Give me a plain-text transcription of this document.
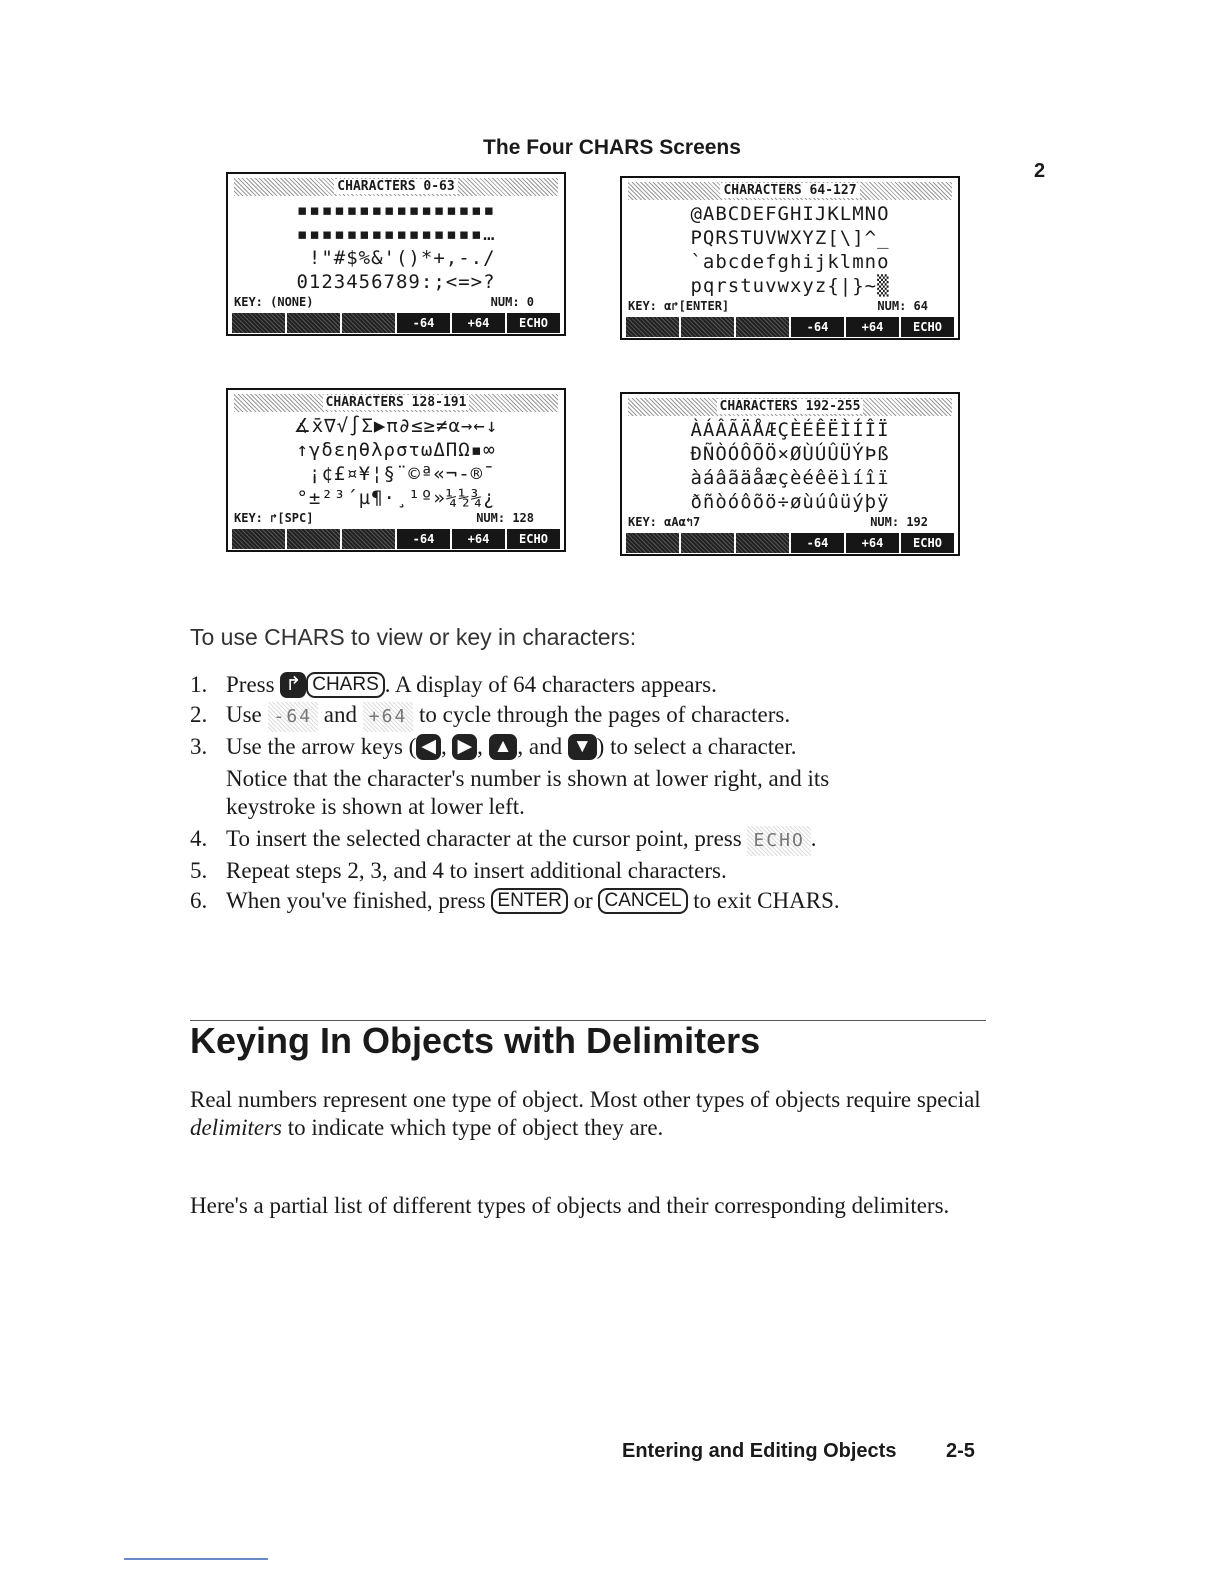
The Four CHARS Screens
2
CHARACTERS 0-63
▪▪▪▪▪▪▪▪▪▪▪▪▪▪▪▪
▪▪▪▪▪▪▪▪▪▪▪▪▪▪▪…
!"#$%&'()*+,-./
0123456789:;<=>?
KEY: (NONE)	NUM: 0
-64	+64	ECHO
CHARACTERS 64-127
@ABCDEFGHIJKLMNO
PQRSTUVWXYZ[\]^_
`abcdefghijklmno
pqrstuvwxyz{|}~▒
KEY: α↱[ENTER]	NUM: 64
-64	+64	ECHO
CHARACTERS 128-191
∡x̄∇√∫Σ▶π∂≤≥≠α→←↓
↑γδεηθλρστωΔΠΩ▪∞
¡¢£¤¥¦§¨©ª«¬-®¯
°±²³´µ¶·¸¹º»¼½¾¿
KEY: ↱[SPC]	NUM: 128
-64	+64	ECHO
CHARACTERS 192-255
ÀÁÂÃÄÅÆÇÈÉÊËÌÍÎÏ
ÐÑÒÓÔÕÖ×ØÙÚÛÜÝÞß
àáâãäåæçèéêëìíîï
ðñòóôõö÷øùúûüýþÿ
KEY: αAα↰7	NUM: 192
-64	+64	ECHO
To use CHARS to view or key in characters:
1. Press ↱ CHARS . A display of 64 characters appears.
2. Use -64 and +64 to cycle through the pages of characters.
3. Use the arrow keys ( ◀ , ▶ , ▲ , and ▼ ) to select a character.
Notice that the character's number is shown at lower right, and its
keystroke is shown at lower left.
4. To insert the selected character at the cursor point, press ECHO .
5. Repeat steps 2, 3, and 4 to insert additional characters.
6. When you've finished, press ENTER or CANCEL to exit CHARS.
Keying In Objects with Delimiters
Real numbers represent one type of object. Most other types of objects require special delimiters to indicate which type of object they are.
Here's a partial list of different types of objects and their corresponding delimiters.
Entering and Editing Objects 2-5
